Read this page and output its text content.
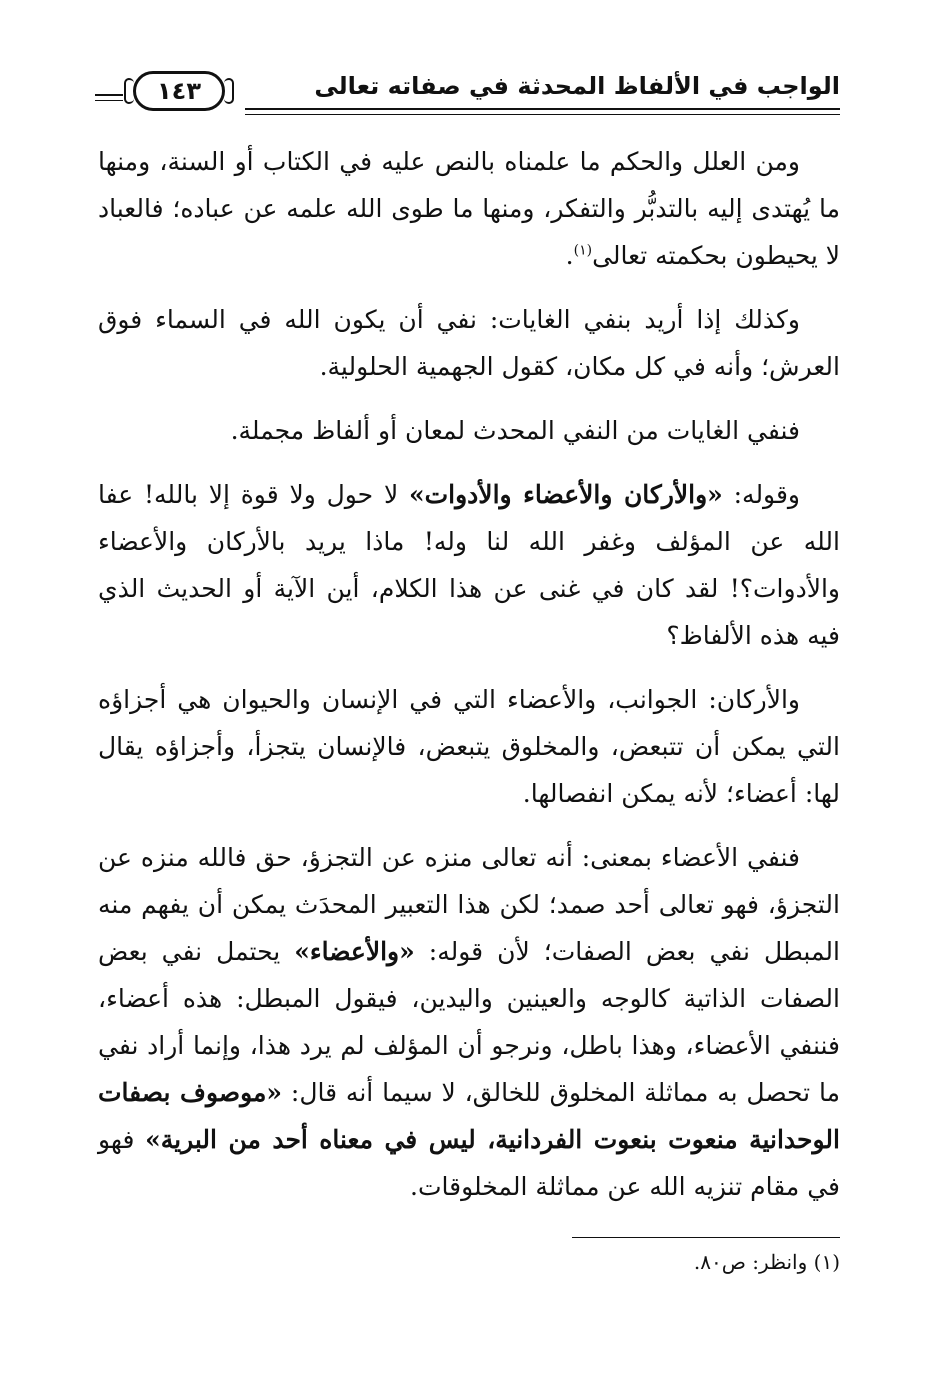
الواجب في الألفاظ المحدثة في صفاته تعالى
١٤٣

ومن العلل والحكم ما علمناه بالنص عليه في الكتاب أو السنة، ومنها ما يُهتدى إليه بالتدبُّر والتفكر، ومنها ما طوى الله علمه عن عباده؛ فالعباد لا يحيطون بحكمته تعالى$^{(١)}$.

وكذلك إذا أريد بنفي الغايات: نفي أن يكون الله في السماء فوق العرش؛ وأنه في كل مكان، كقول الجهمية الحلولية.

فنفي الغايات من النفي المحدث لمعان أو ألفاظ مجملة.

وقوله: «والأركان والأعضاء والأدوات» لا حول ولا قوة إلا بالله! عفا الله عن المؤلف وغفر الله لنا وله! ماذا يريد بالأركان والأعضاء والأدوات؟! لقد كان في غنى عن هذا الكلام، أين الآية أو الحديث الذي فيه هذه الألفاظ؟

والأركان: الجوانب، والأعضاء التي في الإنسان والحيوان هي أجزاؤه التي يمكن أن تتبعض، والمخلوق يتبعض، فالإنسان يتجزأ، وأجزاؤه يقال لها: أعضاء؛ لأنه يمكن انفصالها.

فنفي الأعضاء بمعنى: أنه تعالى منزه عن التجزؤ، حق فالله منزه عن التجزؤ، فهو تعالى أحد صمد؛ لكن هذا التعبير المحدَث يمكن أن يفهم منه المبطل نفي بعض الصفات؛ لأن قوله: «والأعضاء» يحتمل نفي بعض الصفات الذاتية كالوجه والعينين واليدين، فيقول المبطل: هذه أعضاء، فننفي الأعضاء، وهذا باطل، ونرجو أن المؤلف لم يرد هذا، وإنما أراد نفي ما تحصل به مماثلة المخلوق للخالق، لا سيما أنه قال: «موصوف بصفات الوحدانية منعوت بنعوت الفردانية، ليس في معناه أحد من البرية» فهو في مقام تنزيه الله عن مماثلة المخلوقات.

(١) وانظر: ص٨٠.
